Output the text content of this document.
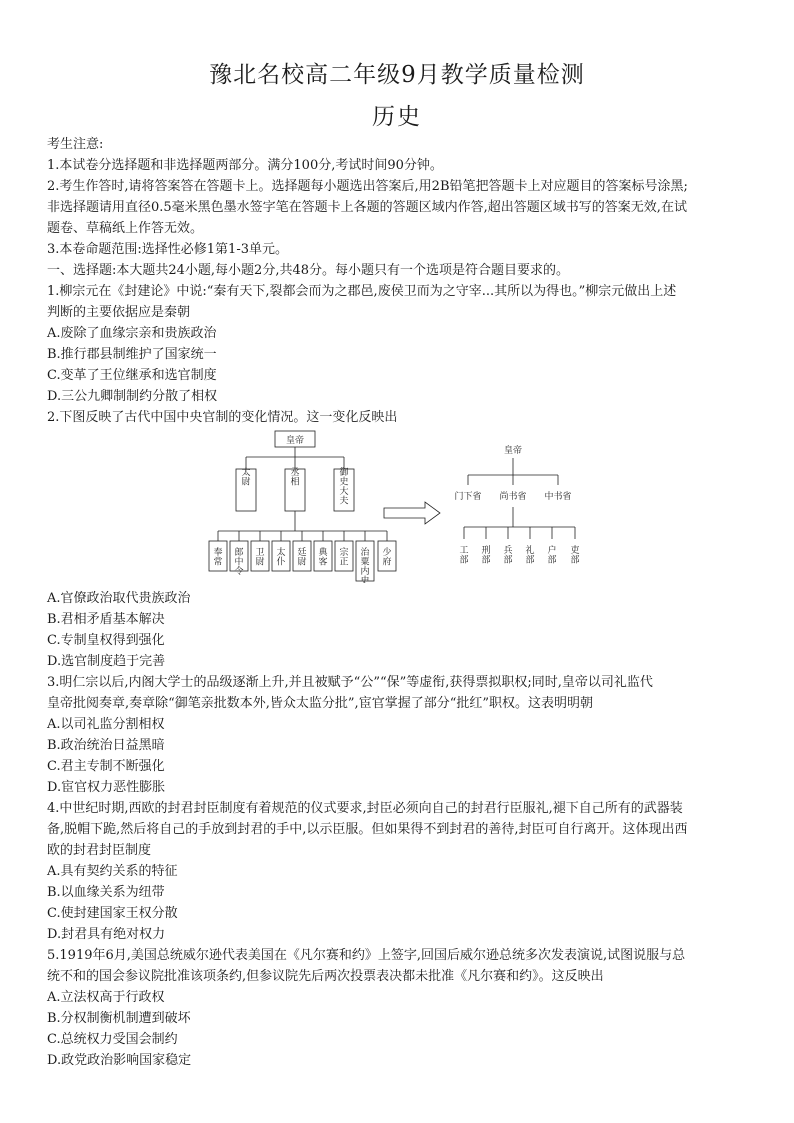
豫北名校高二年级9月教学质量检测
历史
考生注意:
1.本试卷分选择题和非选择题两部分。满分100分,考试时间90分钟。
2.考生作答时,请将答案答在答题卡上。选择题每小题选出答案后,用2B铅笔把答题卡上对应题目的答案标号涂黑;
非选择题请用直径0.5毫米黑色墨水签字笔在答题卡上各题的答题区域内作答,超出答题区域书写的答案无效,在试
题卷、草稿纸上作答无效。
3.本卷命题范围:选择性必修1第1-3单元。
一、选择题:本大题共24小题,每小题2分,共48分。每小题只有一个选项是符合题目要求的。
1.柳宗元在《封建论》中说:“秦有天下,裂都会而为之郡邑,废侯卫而为之守宰...其所以为得也。”柳宗元做出上述
判断的主要依据应是秦朝
A.废除了血缘宗亲和贵族政治
B.推行郡县制维护了国家统一
C.变革了王位继承和选官制度
D.三公九卿制制约分散了相权
2.下图反映了古代中国中央官制的变化情况。这一变化反映出
皇帝
太尉
丞相
御史大夫
奉常
郎中令
卫尉
太仆
廷尉
典客
宗正
治粟内史
少府
皇帝
门下省 尚书省 中书省
工部
刑部
兵部
礼部
户部
吏部
A.官僚政治取代贵族政治
B.君相矛盾基本解决
C.专制皇权得到强化
D.选官制度趋于完善
3.明仁宗以后,内阁大学士的品级逐渐上升,并且被赋予“公”“保”等虚衔,获得票拟职权;同时,皇帝以司礼监代
皇帝批阅奏章,奏章除“御笔亲批数本外,皆众太监分批”,宦官掌握了部分“批红”职权。这表明明朝
A.以司礼监分割相权
B.政治统治日益黑暗
C.君主专制不断强化
D.宦官权力恶性膨胀
4.中世纪时期,西欧的封君封臣制度有着规范的仪式要求,封臣必须向自己的封君行臣服礼,褪下自己所有的武器装
备,脱帽下跪,然后将自己的手放到封君的手中,以示臣服。但如果得不到封君的善待,封臣可自行离开。这体现出西
欧的封君封臣制度
A.具有契约关系的特征
B.以血缘关系为纽带
C.使封建国家王权分散
D.封君具有绝对权力
5.1919年6月,美国总统威尔逊代表美国在《凡尔赛和约》上签字,回国后威尔逊总统多次发表演说,试图说服与总
统不和的国会参议院批准该项条约,但参议院先后两次投票表决都未批准《凡尔赛和约》。这反映出
A.立法权高于行政权
B.分权制衡机制遭到破坏
C.总统权力受国会制约
D.政党政治影响国家稳定
